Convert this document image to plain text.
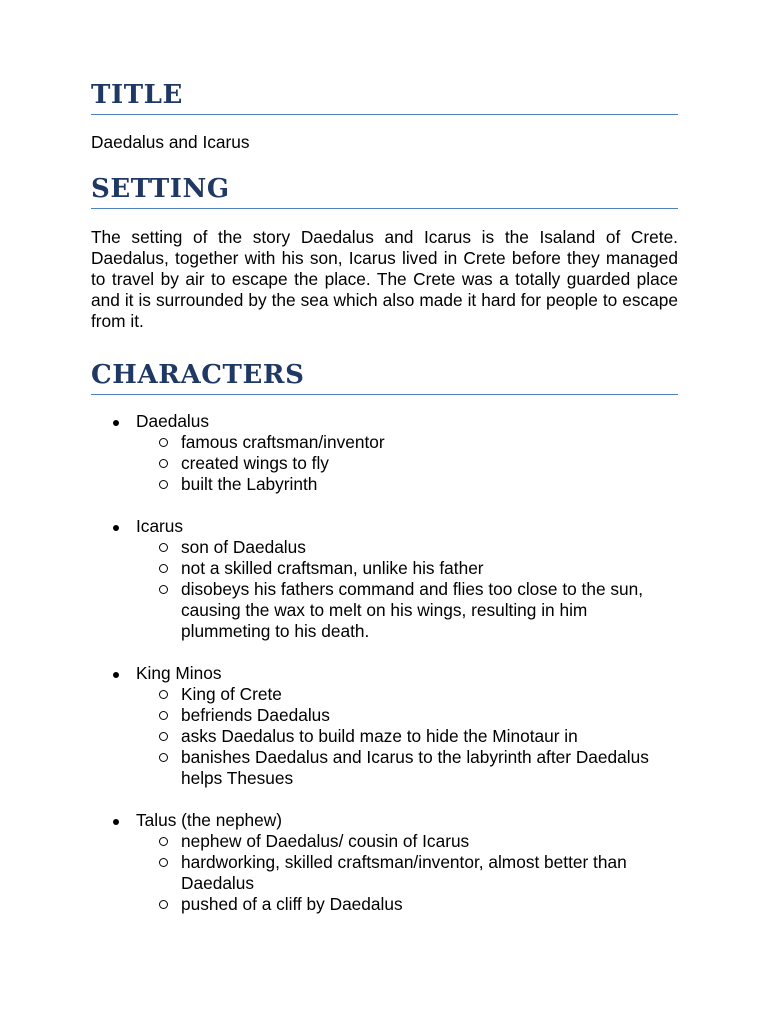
TITLE

Daedalus and Icarus

SETTING

The setting of the story Daedalus and Icarus is the Isaland of Crete. Daedalus, together with his son, Icarus lived in Crete before they managed to travel by air to escape the place. The Crete was a totally guarded place and it is surrounded by the sea which also made it hard for people to escape from it.

CHARACTERS
Daedalus
famous craftsman/inventor
created wings to fly
built the Labyrinth
Icarus
son of Daedalus
not a skilled craftsman, unlike his father
disobeys his fathers command and flies too close to the sun, causing the wax to melt on his wings, resulting in him plummeting to his death.
King Minos
King of Crete
befriends Daedalus
asks Daedalus to build maze to hide the Minotaur in
banishes Daedalus and Icarus to the labyrinth after Daedalus helps Thesues
Talus (the nephew)
nephew of Daedalus/ cousin of Icarus
hardworking, skilled craftsman/inventor, almost better than Daedalus
pushed of a cliff by Daedalus
